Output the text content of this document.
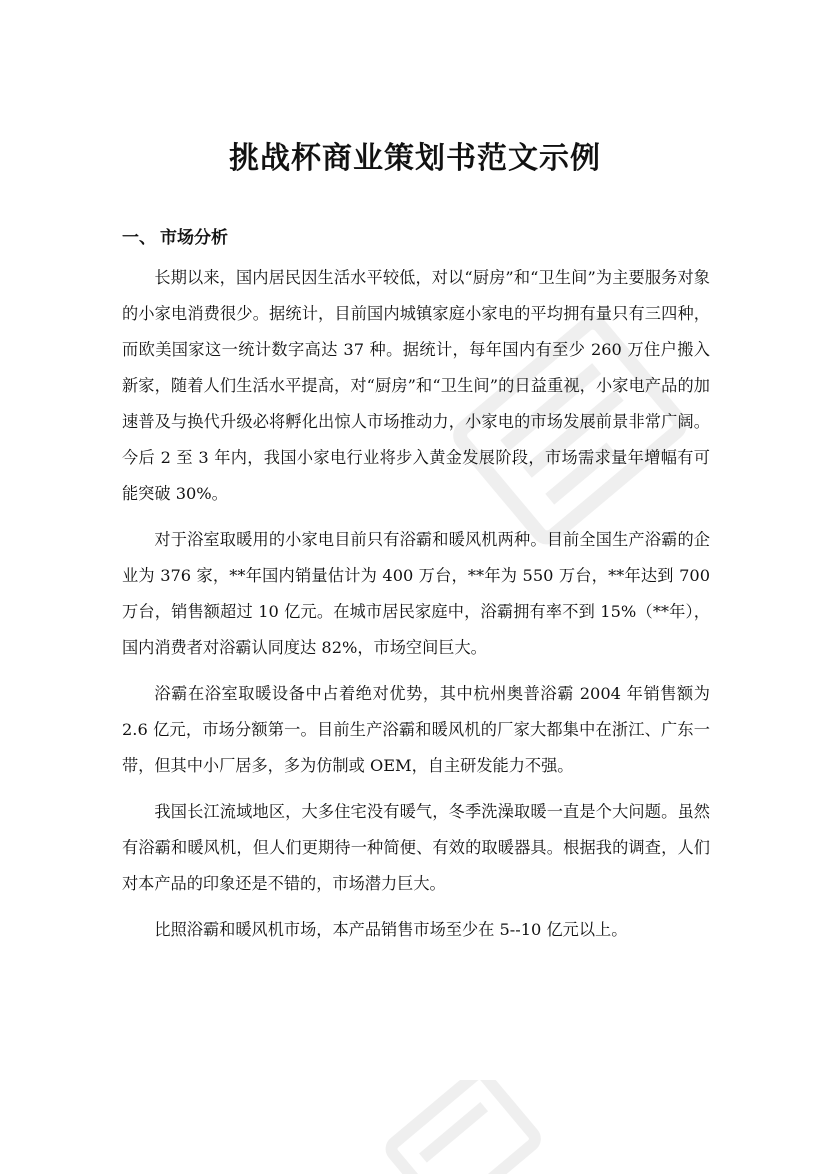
挑战杯商业策划书范文示例
一、 市场分析

长期以来，国内居民因生活水平较低，对以“厨房”和“卫生间”为主要服务对象的小家电消费很少。据统计，目前国内城镇家庭小家电的平均拥有量只有三四种，而欧美国家这一统计数字高达 37 种。据统计，每年国内有至少 260 万住户搬入新家，随着人们生活水平提高，对“厨房”和“卫生间”的日益重视，小家电产品的加速普及与换代升级必将孵化出惊人市场推动力，小家电的市场发展前景非常广阔。今后 2 至 3 年内，我国小家电行业将步入黄金发展阶段，市场需求量年增幅有可能突破 30%。

对于浴室取暖用的小家电目前只有浴霸和暖风机两种。目前全国生产浴霸的企业为 376 家，**年国内销量估计为 400 万台，**年为 550 万台，**年达到 700 万台，销售额超过 10 亿元。在城市居民家庭中，浴霸拥有率不到 15%（**年），国内消费者对浴霸认同度达 82%，市场空间巨大。

浴霸在浴室取暖设备中占着绝对优势，其中杭州奥普浴霸 2004 年销售额为 2.6 亿元，市场分额第一。目前生产浴霸和暖风机的厂家大都集中在浙江、广东一带，但其中小厂居多，多为仿制或 OEM，自主研发能力不强。

我国长江流域地区，大多住宅没有暖气，冬季洗澡取暖一直是个大问题。虽然有浴霸和暖风机，但人们更期待一种简便、有效的取暖器具。根据我的调查，人们对本产品的印象还是不错的，市场潜力巨大。

比照浴霸和暖风机市场，本产品销售市场至少在 5--10 亿元以上。
